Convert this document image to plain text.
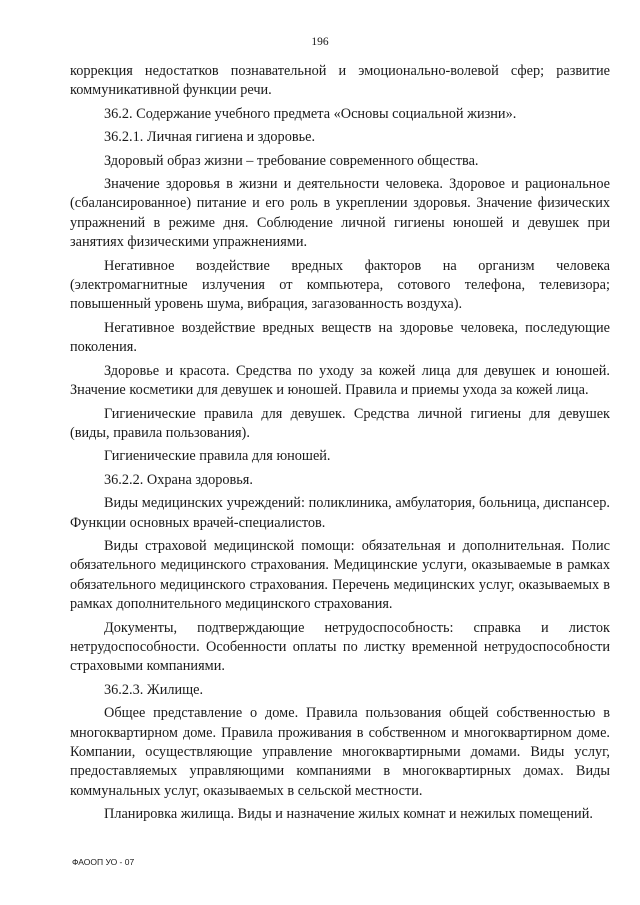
196

коррекция недостатков познавательной и эмоционально-волевой сфер; развитие коммуникативной функции речи.

36.2. Содержание учебного предмета «Основы социальной жизни».

36.2.1. Личная гигиена и здоровье.

Здоровый образ жизни – требование современного общества.

Значение здоровья в жизни и деятельности человека. Здоровое и рациональное (сбалансированное) питание и его роль в укреплении здоровья. Значение физических упражнений в режиме дня. Соблюдение личной гигиены юношей и девушек при занятиях физическими упражнениями.

Негативное воздействие вредных факторов на организм человека (электромагнитные излучения от компьютера, сотового телефона, телевизора; повышенный уровень шума, вибрация, загазованность воздуха).

Негативное воздействие вредных веществ на здоровье человека, последующие поколения.

Здоровье и красота. Средства по уходу за кожей лица для девушек и юношей. Значение косметики для девушек и юношей. Правила и приемы ухода за кожей лица.

Гигиенические правила для девушек. Средства личной гигиены для девушек (виды, правила пользования).

Гигиенические правила для юношей.

36.2.2. Охрана здоровья.

Виды медицинских учреждений: поликлиника, амбулатория, больница, диспансер. Функции основных врачей-специалистов.

Виды страховой медицинской помощи: обязательная и дополнительная. Полис обязательного медицинского страхования. Медицинские услуги, оказываемые в рамках обязательного медицинского страхования. Перечень медицинских услуг, оказываемых в рамках дополнительного медицинского страхования.

Документы, подтверждающие нетрудоспособность: справка и листок нетрудоспособности. Особенности оплаты по листку временной нетрудоспособности страховыми компаниями.

36.2.3. Жилище.

Общее представление о доме. Правила пользования общей собственностью в многоквартирном доме. Правила проживания в собственном и многоквартирном доме. Компании, осуществляющие управление многоквартирными домами. Виды услуг, предоставляемых управляющими компаниями в многоквартирных домах. Виды коммунальных услуг, оказываемых в сельской местности.

Планировка жилища. Виды и назначение жилых комнат и нежилых помещений.

ФАООП УО - 07
